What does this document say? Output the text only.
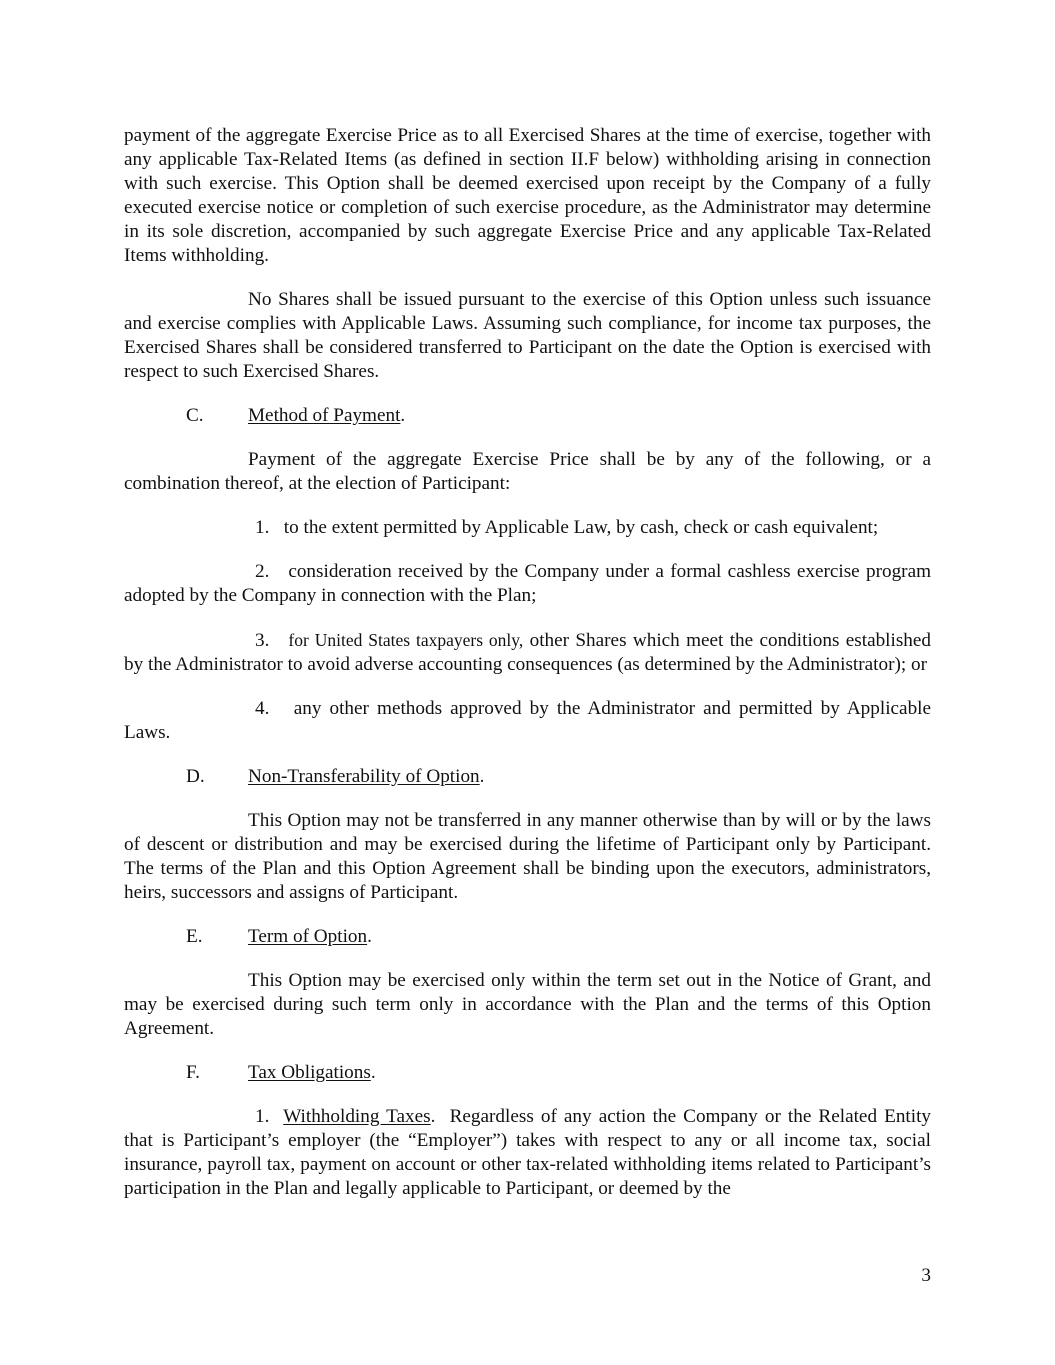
payment of the aggregate Exercise Price as to all Exercised Shares at the time of exercise, together with any applicable Tax-Related Items (as defined in section II.F below) withholding arising in connection with such exercise. This Option shall be deemed exercised upon receipt by the Company of a fully executed exercise notice or completion of such exercise procedure, as the Administrator may determine in its sole discretion, accompanied by such aggregate Exercise Price and any applicable Tax-Related Items withholding.

No Shares shall be issued pursuant to the exercise of this Option unless such issuance and exercise complies with Applicable Laws. Assuming such compliance, for income tax purposes, the Exercised Shares shall be considered transferred to Participant on the date the Option is exercised with respect to such Exercised Shares.

C.	Method of Payment .

Payment of the aggregate Exercise Price shall be by any of the following, or a combination thereof, at the election of Participant:

1. to the extent permitted by Applicable Law, by cash, check or cash equivalent;

2. consideration received by the Company under a formal cashless exercise program adopted by the Company in connection with the Plan;

3. for United States taxpayers only, other Shares which meet the conditions established by the Administrator to avoid adverse accounting consequences (as determined by the Administrator); or

4. any other methods approved by the Administrator and permitted by Applicable Laws.

D.	Non-Transferability of Option .

This Option may not be transferred in any manner otherwise than by will or by the laws of descent or distribution and may be exercised during the lifetime of Participant only by Participant. The terms of the Plan and this Option Agreement shall be binding upon the executors, administrators, heirs, successors and assigns of Participant.

E.	Term of Option .

This Option may be exercised only within the term set out in the Notice of Grant, and may be exercised during such term only in accordance with the Plan and the terms of this Option Agreement.

F.	Tax Obligations .

1. Withholding Taxes.  Regardless of any action the Company or the Related Entity that is Participant’s employer (the “Employer”) takes with respect to any or all income tax, social insurance, payroll tax, payment on account or other tax-related withholding items related to Participant’s participation in the Plan and legally applicable to Participant, or deemed by the

3
